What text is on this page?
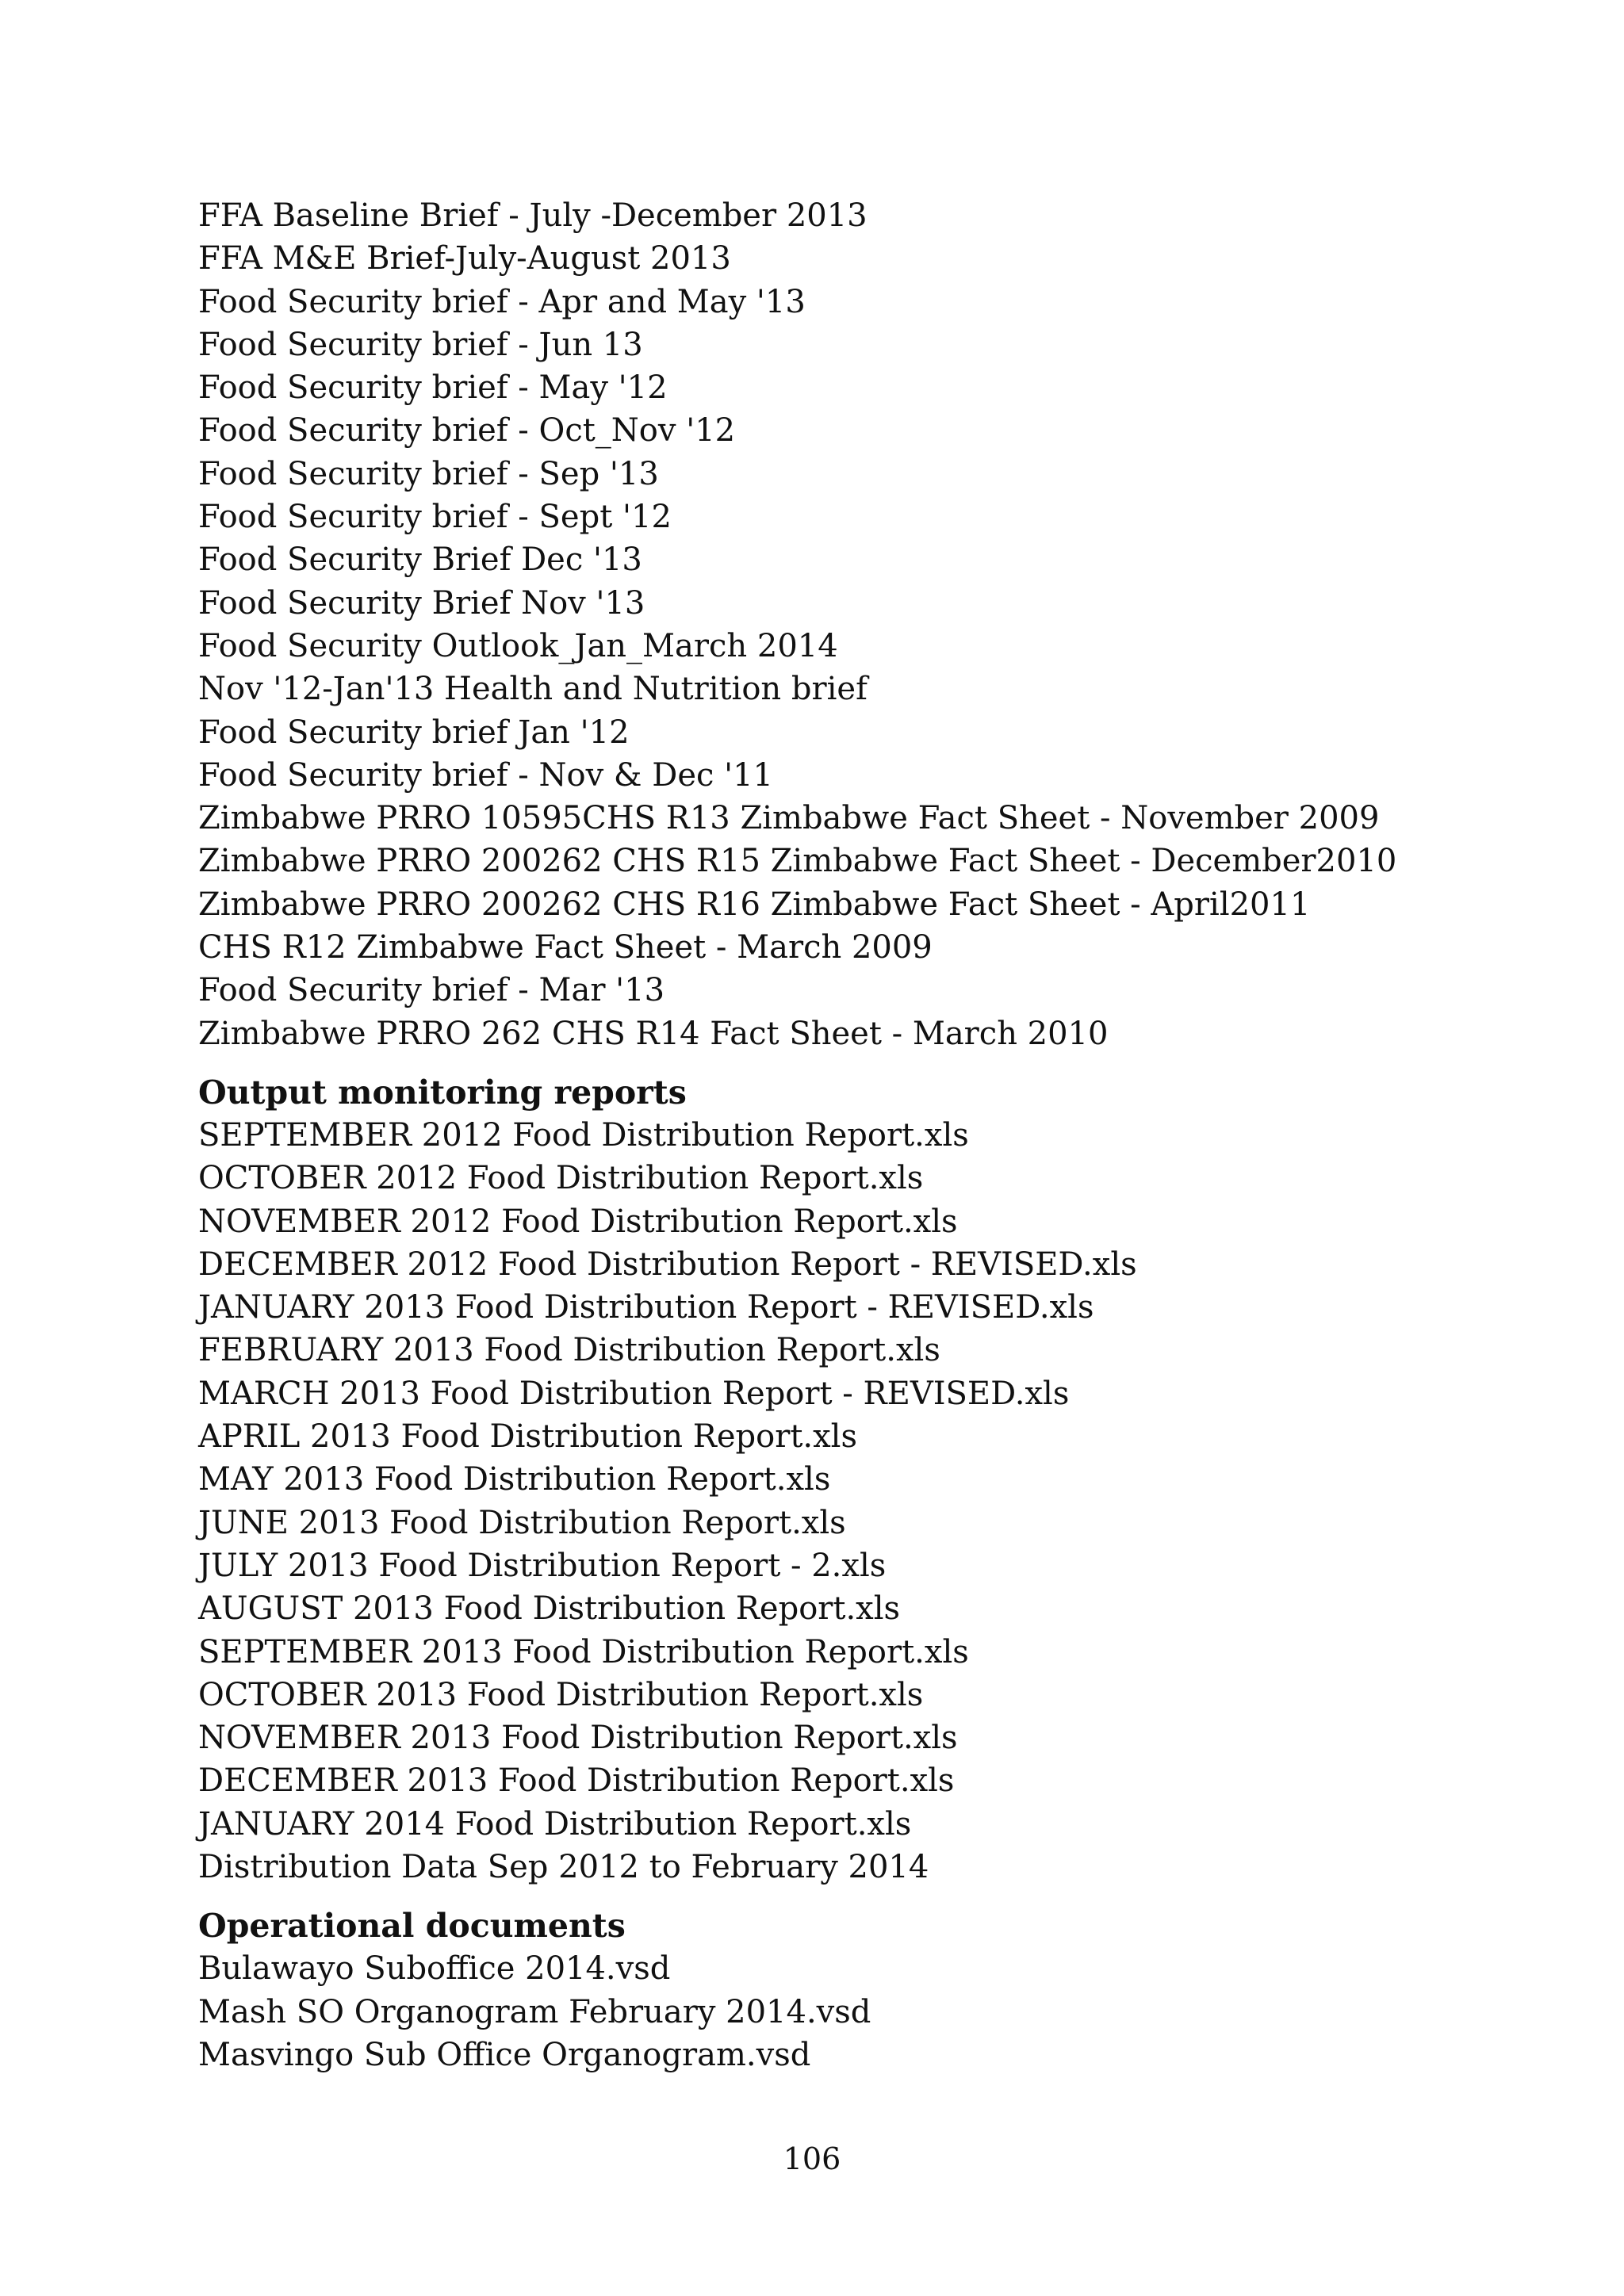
FFA Baseline Brief - July -December 2013
FFA M&E Brief-July-August 2013
Food Security brief - Apr and May '13
Food Security brief - Jun 13
Food Security brief - May '12
Food Security brief - Oct_Nov '12
Food Security brief - Sep '13
Food Security brief - Sept '12
Food Security Brief Dec '13
Food Security Brief Nov '13
Food Security Outlook_Jan_March 2014
Nov '12-Jan'13 Health and Nutrition brief
Food Security brief Jan '12
Food Security brief - Nov & Dec '11
Zimbabwe PRRO 10595CHS R13 Zimbabwe Fact Sheet - November 2009
Zimbabwe PRRO 200262 CHS R15 Zimbabwe Fact Sheet - December2010
Zimbabwe PRRO 200262 CHS R16 Zimbabwe Fact Sheet - April2011
CHS R12 Zimbabwe Fact Sheet - March 2009
Food Security brief - Mar '13
Zimbabwe PRRO 262 CHS R14 Fact Sheet - March 2010
Output monitoring reports
SEPTEMBER 2012 Food Distribution Report.xls
OCTOBER 2012 Food Distribution Report.xls
NOVEMBER 2012 Food Distribution Report.xls
DECEMBER 2012 Food Distribution Report - REVISED.xls
JANUARY 2013 Food Distribution Report - REVISED.xls
FEBRUARY 2013 Food Distribution Report.xls
MARCH 2013 Food Distribution Report - REVISED.xls
APRIL 2013 Food Distribution Report.xls
MAY 2013 Food Distribution Report.xls
JUNE 2013 Food Distribution Report.xls
JULY 2013 Food Distribution Report - 2.xls
AUGUST 2013 Food Distribution Report.xls
SEPTEMBER 2013 Food Distribution Report.xls
OCTOBER 2013 Food Distribution Report.xls
NOVEMBER 2013 Food Distribution Report.xls
DECEMBER 2013 Food Distribution Report.xls
JANUARY 2014 Food Distribution Report.xls
Distribution Data Sep 2012 to February 2014
Operational documents
Bulawayo Suboffice 2014.vsd
Mash SO Organogram February 2014.vsd
Masvingo Sub Office Organogram.vsd
106
